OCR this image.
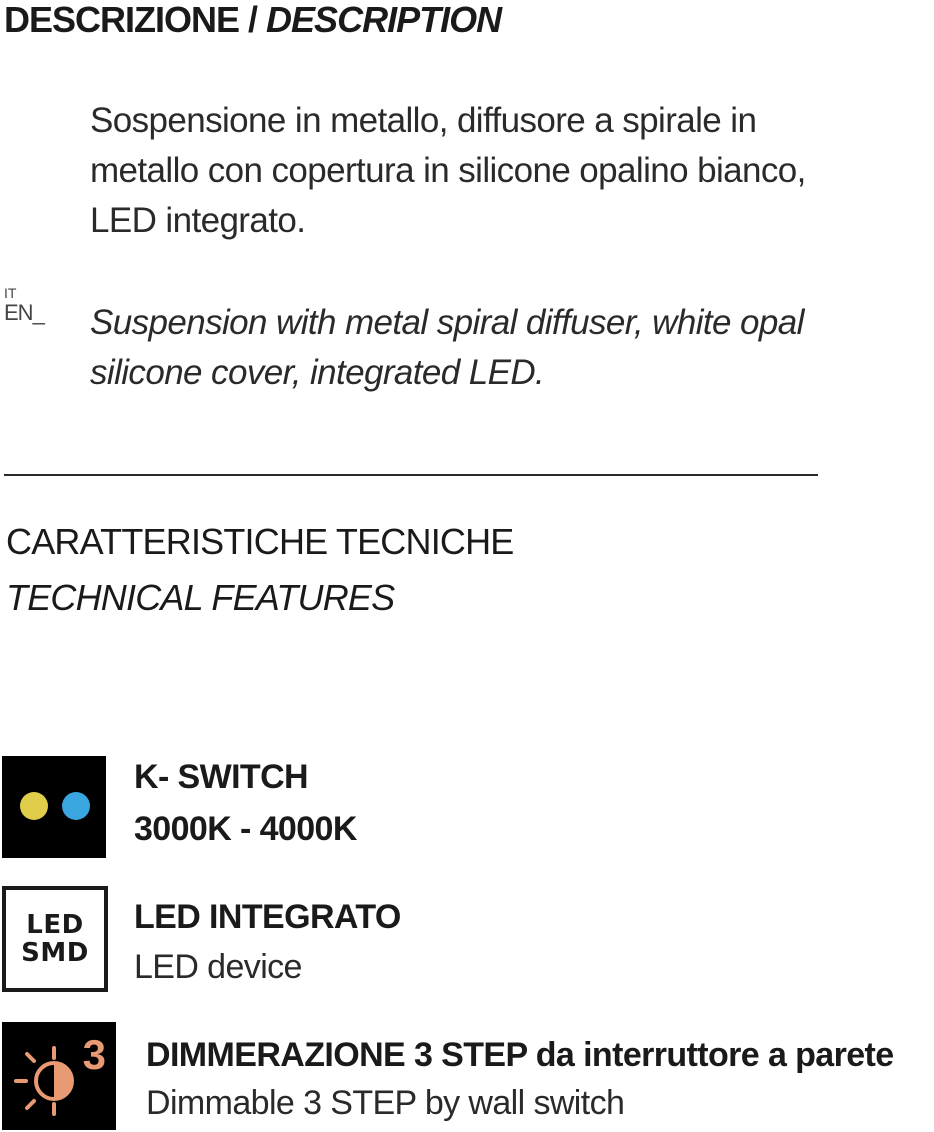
DESCRIZIONE / DESCRIPTION
Sospensione in metallo, diffusore a spirale in
metallo con copertura in silicone opalino bianco,
LED integrato.
IT
EN_ Suspension with metal spiral diffuser, white opal
silicone cover, integrated LED.
CARATTERISTICHE TECNICHE
TECHNICAL FEATURES
K- SWITCH
3000K - 4000K
LED
SMD
LED INTEGRATO
LED device
3 DIMMERAZIONE 3 STEP da interruttore a parete
Dimmable 3 STEP by wall switch
